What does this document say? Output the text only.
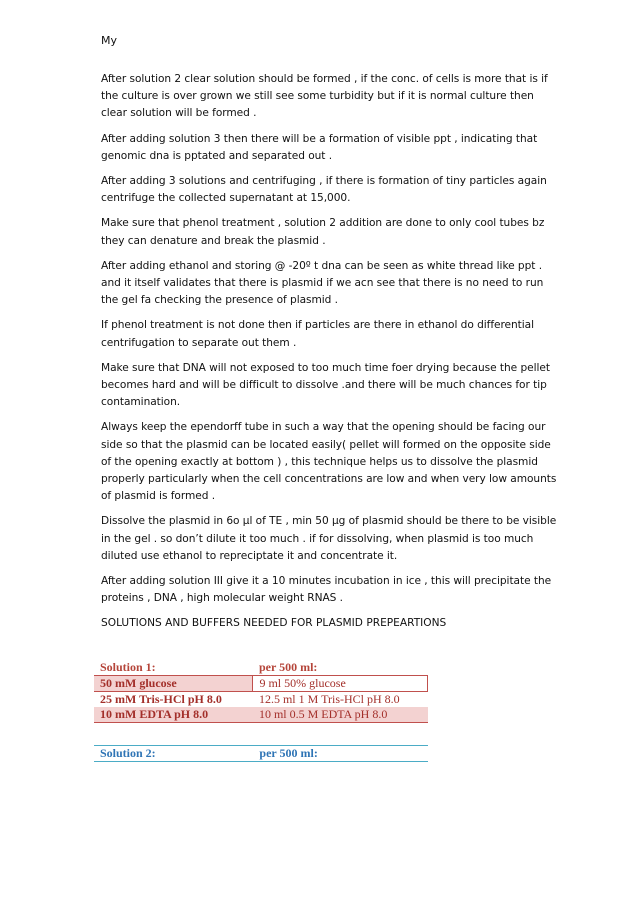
My

After solution 2 clear solution should be formed , if the conc. of cells is more that is if the culture is over grown we still see some turbidity but if it is normal culture then clear solution will be formed .

After adding solution 3 then there will be a formation of visible ppt , indicating that genomic dna is pptated and separated out .

After adding 3 solutions and centrifuging , if there is formation of tiny particles again centrifuge the collected supernatant at 15,000.

Make sure that phenol treatment , solution 2 addition are done to only cool tubes bz they can denature and break the plasmid .

After adding ethanol and storing @ -20º t dna can be seen as white thread like ppt . and it itself validates that there is plasmid if we acn see that there is no need to run the gel fa checking the presence of plasmid .

If phenol treatment is not done then if particles are there in ethanol do differential centrifugation to separate out them .

Make sure that DNA will not exposed to too much time foer drying because the pellet becomes hard and will be difficult to dissolve .and there will be much chances for tip contamination.

Always keep the ependorff tube in such a way that the opening should be facing our side so that the plasmid can be located easily( pellet will formed on the opposite side of the opening exactly at bottom ) , this technique helps us to dissolve the plasmid properly particularly when the cell concentrations are low and when very low amounts of plasmid is formed .

Dissolve the plasmid in 6o µl of TE , min 50 µg of plasmid should be there to be visible in the gel . so don’t dilute it too much . if for dissolving, when plasmid is too much diluted use ethanol to repreciptate it and concentrate it.

After adding solution III give it a 10 minutes incubation in ice , this will precipitate the proteins , DNA , high molecular weight RNAS .

SOLUTIONS AND BUFFERS NEEDED FOR PLASMID PREPEARTIONS

Solution 1:	per 500 ml:
50 mM glucose	9 ml 50% glucose
25 mM Tris-HCl pH 8.0	12.5 ml 1 M Tris-HCl pH 8.0
10 mM EDTA pH 8.0	10 ml 0.5 M EDTA pH 8.0
Solution 2:	per 500 ml:
